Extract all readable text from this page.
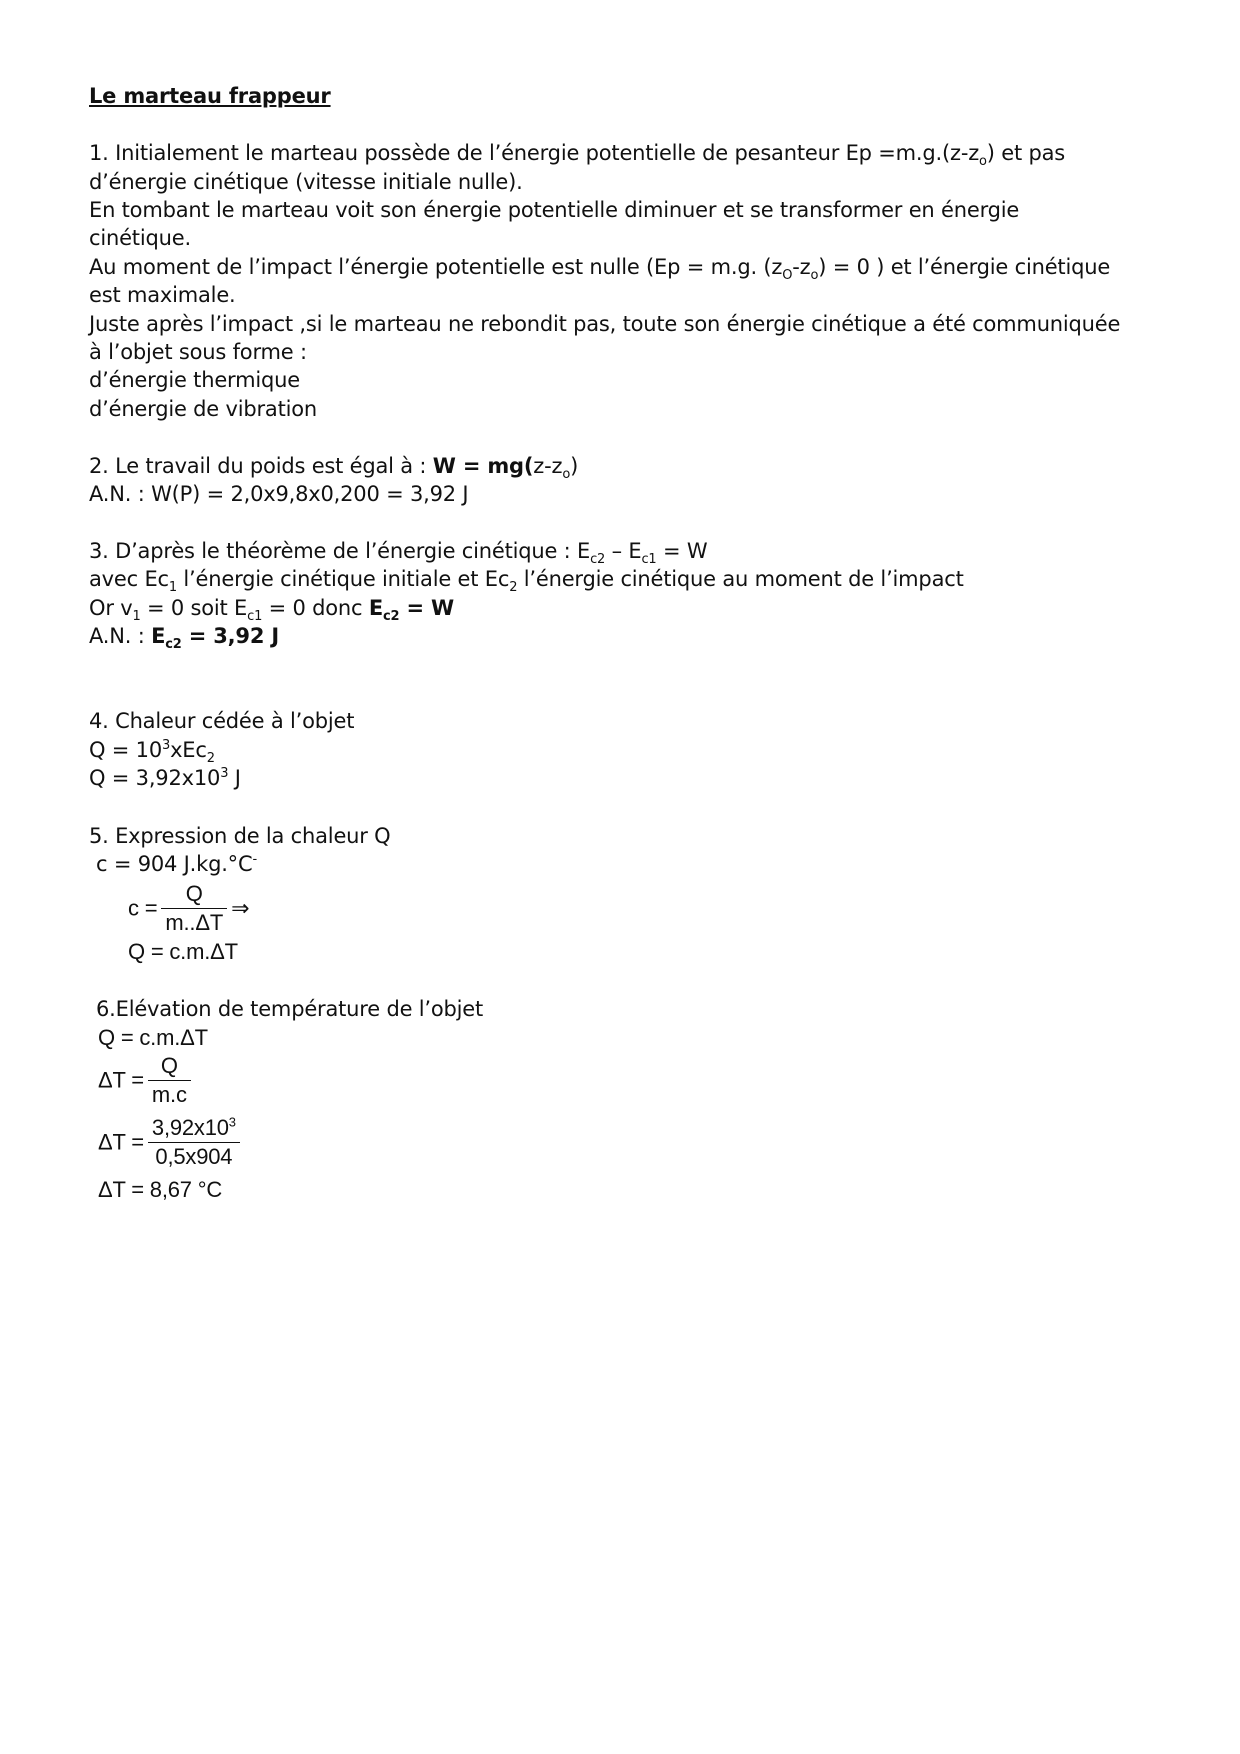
Le marteau frappeur
1. Initialement le marteau possède de l’énergie potentielle de pesanteur $Ep =m.g.(z-z_o)$ et pas
d’énergie cinétique (vitesse initiale nulle).
En tombant le marteau voit son énergie potentielle diminuer et se transformer en énergie
cinétique.
Au moment de l’impact l’énergie potentielle est nulle (Ep = m.g. $(z_O-z_o) = 0$ ) et l’énergie cinétique
est maximale.
Juste après l’impact ,si le marteau ne rebondit pas, toute son énergie cinétique a été communiquée
à l’objet sous forme :
d’énergie thermique
d’énergie de vibration
2. Le travail du poids est égal à : $W = mg(z-z_o)$
A.N. : W(P) = 2,0x9,8x0,200 = 3,92 J
3. D’après le théorème de l’énergie cinétique : $E_{c2} - E_{c1} = W$
avec $Ec_1$ l’énergie cinétique initiale et $Ec_2$ l’énergie cinétique au moment de l’impact
Or $v_1 = 0$ soit $E_{c1} = 0$ donc $E_{c2} = W$
A.N. : $E_{c2} = 3,92$ J
4. Chaleur cédée à l’objet
$Q = 10^3xEc_2$
$Q = 3,92x10^3$ J
5. Expression de la chaleur Q
c = 904 J.kg.°C-
$c = \frac{Q}{m..\Delta T}$ ⇒
Q = c.m.ΔT
6.Elévation de température de l’objet
Q = c.m.ΔT
$\Delta T = \frac{Q}{m.c}$
$\Delta T = \frac{3,92x10^3}{0,5x904}$
ΔT = 8,67 °C
